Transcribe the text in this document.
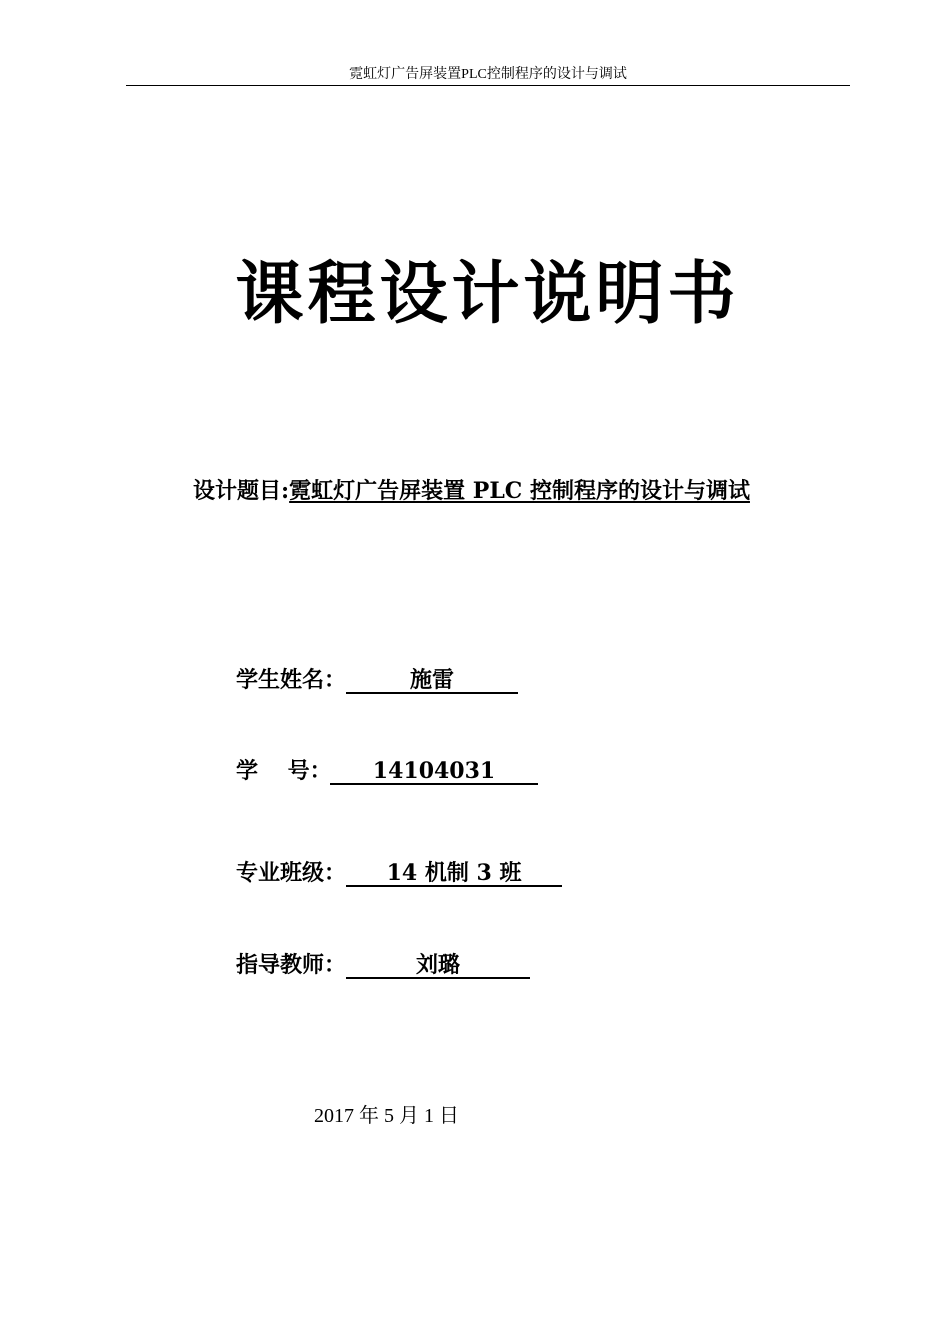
霓虹灯广告屏装置PLC控制程序的设计与调试
课程设计说明书
设计题目:霓虹灯广告屏装置 PLC 控制程序的设计与调试
学生姓名：	施雷
学　 号： 14104031
专业班级： 14 机制 3 班
指导教师：	刘璐
2017 年 5 月 1 日
